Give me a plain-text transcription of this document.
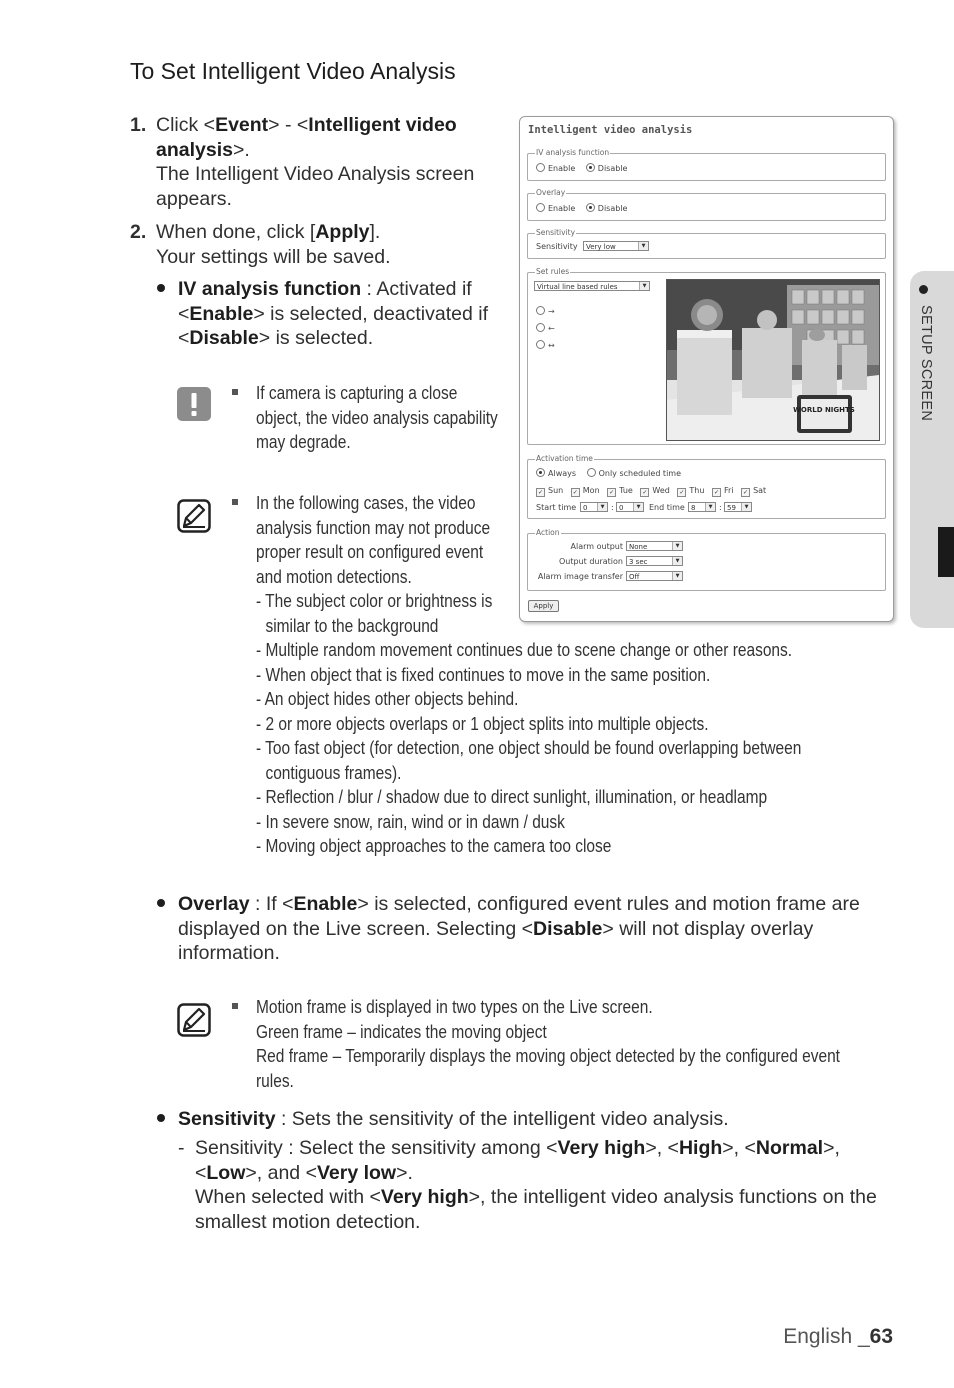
To Set Intelligent Video Analysis
1. Click <Event> - <Intelligent video analysis>.
The Intelligent Video Analysis screen appears.
2. When done, click [Apply].
Your settings will be saved.
IV analysis function : Activated if <Enable> is selected, deactivated if <Disable> is selected.
If camera is capturing a close
object, the video analysis capability
may degrade.
In the following cases, the video
analysis function may not produce
proper result on configured event
and motion detections.
- The subject color or brightness is
similar to the background
- Multiple random movement continues due to scene change or other reasons.
- When object that is fixed continues to move in the same position.
- An object hides other objects behind.
- 2 or more objects overlaps or 1 object splits into multiple objects.
- Too fast object (for detection, one object should be found overlapping between
contiguous frames).
- Reflection / blur / shadow due to direct sunlight, illumination, or headlamp
- In severe snow, rain, wind or in dawn / dusk
- Moving object approaches to the camera too close
Overlay : If <Enable> is selected, configured event rules and motion frame are displayed on the Live screen. Selecting <Disable> will not display overlay information.
Motion frame is displayed in two types on the Live screen.
Green frame – indicates the moving object
Red frame – Temporarily displays the moving object detected by the configured event
rules.
Sensitivity : Sets the sensitivity of the intelligent video analysis.
- Sensitivity : Select the sensitivity among <Very high>, <High>, <Normal>,
<Low>, and <Very low>.
When selected with <Very high>, the intelligent video analysis functions on the
smallest motion detection.
Intelligent video analysis
IV analysis function
Enable	Disable
Overlay
Enable	Disable
Sensitivity
Sensitivity	Very low	▼
Set rules
Virtual line based rules	▼
→
←
↔
WORLD NIGHTS
Activation time
Always	Only scheduled time
✓ Sun ✓ Mon ✓ Tue ✓ Wed ✓ Thu ✓ Fri ✓ Sat
Start time 0	▼ : 0	▼	End time 8	▼ : 59	▼
Action
Alarm output None	▼
Output duration 3 sec	▼
Alarm image transfer Off	▼
Apply
SETUP SCREEN
English _63
